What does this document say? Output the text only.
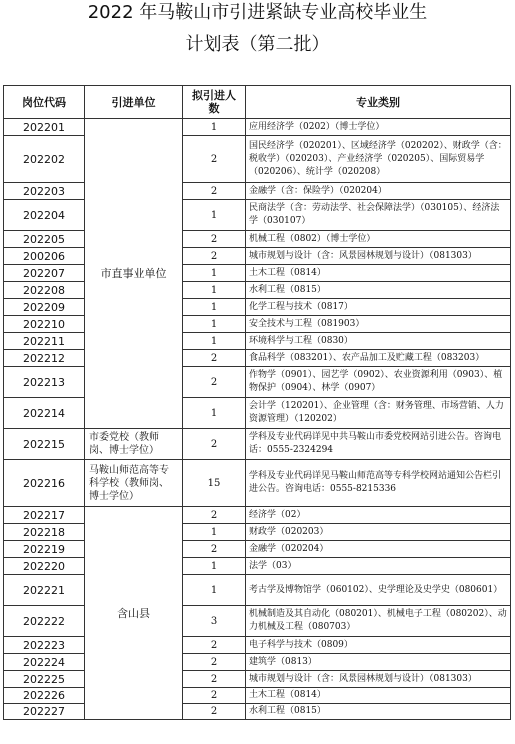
2022 年马鞍山市引进紧缺专业高校毕业生
计划表（第二批）
岗位代码	引进单位	拟引进人数	专业类别
202201	市直事业单位	1	应用经济学（0202）（博士学位）
202202		2	国民经济学（020201）、区域经济学（020202）、财政学（含：税收学）（020203）、产业经济学（020205）、国际贸易学（020206）、统计学（020208）
202203		2	金融学（含：保险学）（020204）
202204		1	民商法学（含：劳动法学、社会保障法学）（030105）、经济法学（030107）
202205		2	机械工程（0802）（博士学位）
200206		2	城市规划与设计（含：风景园林规划与设计）（081303）
202207		1	土木工程（0814）
202208		1	水利工程（0815）
202209		1	化学工程与技术（0817）
202210		1	安全技术与工程（081903）
202211		1	环境科学与工程（0830）
202212		2	食品科学（083201）、农产品加工及贮藏工程（083203）
202213		2	作物学（0901）、园艺学（0902）、农业资源利用（0903）、植物保护（0904）、林学（0907）
202214		1	会计学（120201）、企业管理（含：财务管理、市场营销、人力资源管理）（120202）
202215	市委党校（教师岗、博士学位）	2	学科及专业代码详见中共马鞍山市委党校网站引进公告。咨询电话：0555-2324294
202216	马鞍山师范高等专科学校（教师岗、博士学位）	15	学科及专业代码详见马鞍山师范高等专科学校网站通知公告栏引进公告。咨询电话：0555-8215336
202217	含山县	2	经济学（02）
202218		1	财政学（020203）
202219		2	金融学（020204）
202220		1	法学（03）
202221		1	考古学及博物馆学（060102）、史学理论及史学史（080601）
202222		3	机械制造及其自动化（080201）、机械电子工程（080202）、动力机械及工程（080703）
202223		2	电子科学与技术（0809）
202224		2	建筑学（0813）
202225		2	城市规划与设计（含：风景园林规划与设计）（081303）
202226		2	土木工程（0814）
202227		2	水利工程（0815）
